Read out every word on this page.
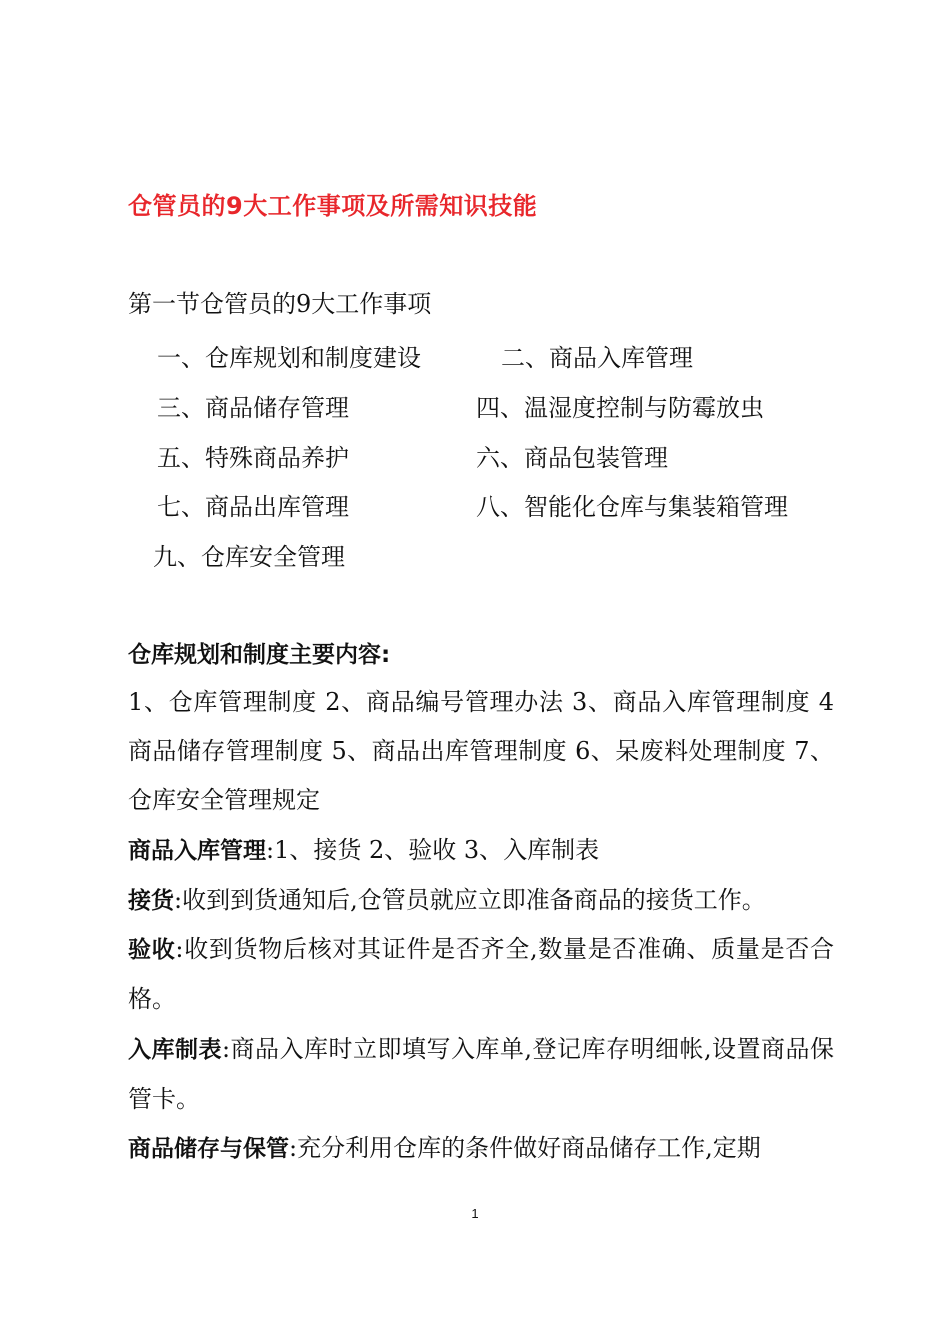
仓管员的9大工作事项及所需知识技能
第一节仓管员的9大工作事项
一、仓库规划和制度建设	二、商品入库管理
三、商品储存管理	四、温湿度控制与防霉放虫
五、特殊商品养护	六、商品包装管理
七、商品出库管理	八、智能化仓库与集装箱管理
九、仓库安全管理
仓库规划和制度主要内容:

1、仓库管理制度 2、商品编号管理办法 3、商品入库管理制度 4 商品储存管理制度 5、商品出库管理制度 6、呆废料处理制度 7、仓库安全管理规定

商品入库管理:1、接货 2、验收 3、入库制表

接货:收到到货通知后,仓管员就应立即准备商品的接货工作。

验收:收到货物后核对其证件是否齐全,数量是否准确、质量是否合格。

入库制表:商品入库时立即填写入库单,登记库存明细帐,设置商品保管卡。

商品储存与保管:充分利用仓库的条件做好商品储存工作,定期

1
